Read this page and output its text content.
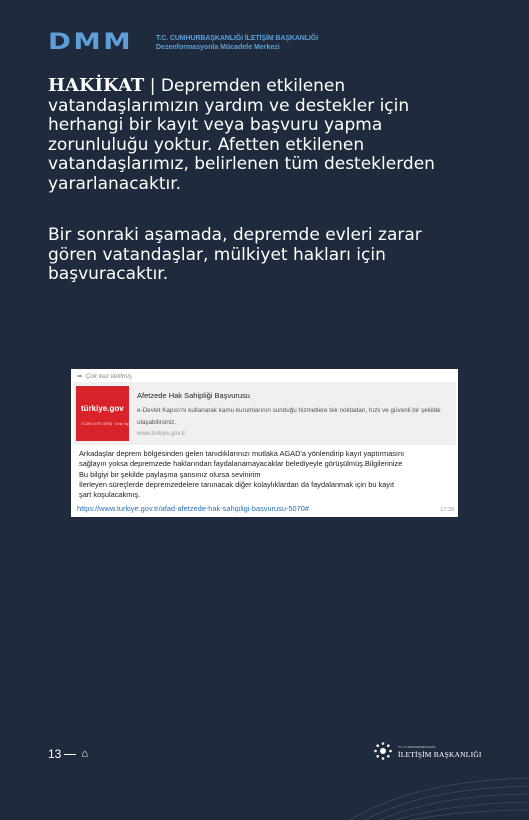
DMM	T.C. CUMHURBAŞKANLIĞI İLETİŞİM BAŞKANLIĞI
Dezenformasyonla Mücadele Merkezi
HAKİKAT | Depremden etkilenen vatandaşlarımızın yardım ve destekler için herhangi bir kayıt veya başvuru yapma zorunluluğu yoktur. Afetten etkilenen vatandaşlarımız, belirlenen tüm desteklerden yararlanacaktır.
Bir sonraki aşamada, depremde evleri zarar gören vatandaşlar, mülkiyet hakları için başvuracaktır.
➦ Çok kez iletilmiş
türkiye.gov
E-DEVLETE GİRİŞ · Giriş Yap
Afetzede Hak Sahipliği Başvurusu
e-Devlet Kapısı'nı kullanarak kamu kurumlarının sunduğu hizmetlere tek noktadan, hızlı ve güvenli bir şekilde ulaşabilirsiniz.
www.turkiye.gov.tr
Arkadaşlar deprem bölgesinden gelen tanıdıklarınızı mutlaka AGAD'a yönlendirip kayıt yaptırmasını
sağlayın yoksa depremzede haklarından faydalanamayacaklar belediyeyle görüşülmüş.Bilgilerinize
Bu bilgiyi bir şekilde paylaşma şansınız olursa sevinirim
İlerleyen süreçlerde depremzedelere tanınacak diğer kolaylıklardan da faydalanmak için bu kayıt
şart koşulacakmış.
https://www.turkiye.gov.tr/afad-afetzede-hak-sahipligi-basvurusu-5070#	17:39
13 ⌂
T.C. CUMHURBAŞKANLIĞI
İLETİŞİM BAŞKANLIĞI
